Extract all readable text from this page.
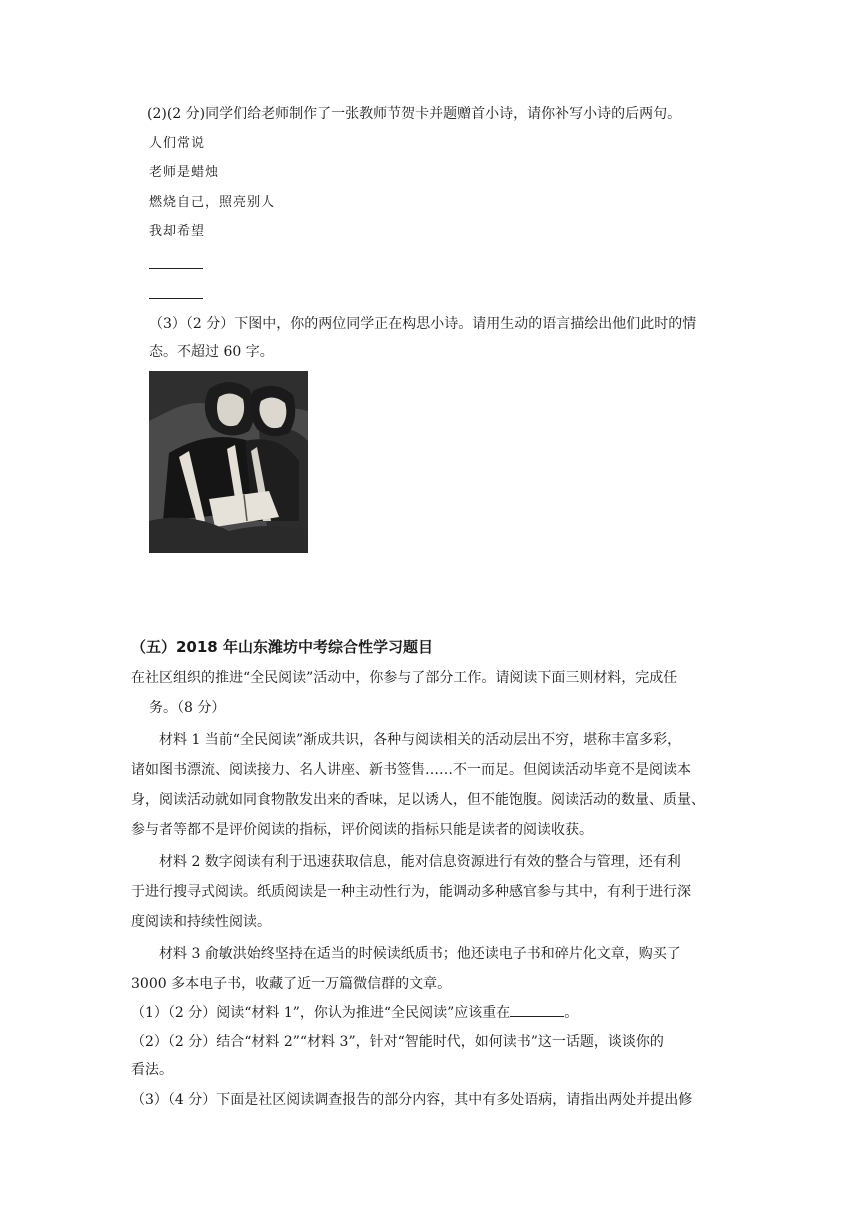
(2)(2 分)同学们给老师制作了一张教师节贺卡并题赠首小诗，请你补写小诗的后两句。
人们常说
老师是蜡烛
燃烧自己，照亮别人
我却希望
（3）（2 分）下图中，你的两位同学正在构思小诗。请用生动的语言描绘出他们此时的情
态。不超过 60 字。
（五）2018 年山东潍坊中考综合性学习题目
在社区组织的推进“全民阅读”活动中，你参与了部分工作。请阅读下面三则材料，完成任
务。（8 分）
材料 1 当前“全民阅读”渐成共识，各种与阅读相关的活动层出不穷，堪称丰富多彩，
诸如图书漂流、阅读接力、名人讲座、新书签售……不一而足。但阅读活动毕竟不是阅读本
身，阅读活动就如同食物散发出来的香味，足以诱人，但不能饱腹。阅读活动的数量、质量、
参与者等都不是评价阅读的指标，评价阅读的指标只能是读者的阅读收获。
材料 2 数字阅读有利于迅速获取信息，能对信息资源进行有效的整合与管理，还有利
于进行搜寻式阅读。纸质阅读是一种主动性行为，能调动多种感官参与其中，有利于进行深
度阅读和持续性阅读。
材料 3 俞敏洪始终坚持在适当的时候读纸质书；他还读电子书和碎片化文章，购买了
3000 多本电子书，收藏了近一万篇微信群的文章。
（1）（2 分）阅读“材料 1”，你认为推进“全民阅读”应该重在	。
（2）（2 分）结合“材料 2”“材料 3”，针对“智能时代，如何读书”这一话题，谈谈你的
看法。
（3）（4 分）下面是社区阅读调查报告的部分内容，其中有多处语病，请指出两处并提出修
